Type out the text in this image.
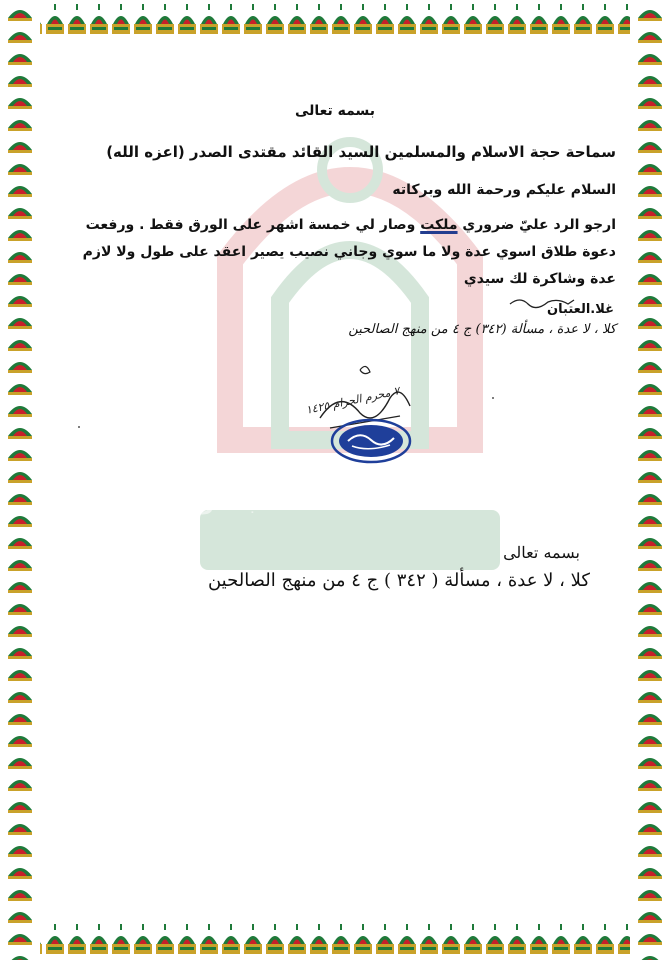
شبكة ومنتديات
بسمه تعالى
سماحة حجة الاسلام والمسلمين السيد القائد مقتدى الصدر (اعزه الله)
السلام عليكم ورحمة الله وبركاته
ارجو الرد عليّ ضروري ملكت وصار لي خمسة اشهر على الورق فقط . ورفعت دعوة طلاق اسوي عدة ولا ما سوي وجاني نصيب يصير اعقد على طول ولا لازم عدة وشاكرة لك سيدي
غلا.العتبان
كلا ، لا عدة ، مسألة (٣٤٢) ج ٤ من منهج الصالحين
٧ محرم الحرام ١٤٢٥
بسمه تعالى
كلا ، لا عدة ، مسألة ( ٣٤٢ ) ج ٤ من منهج الصالحين
